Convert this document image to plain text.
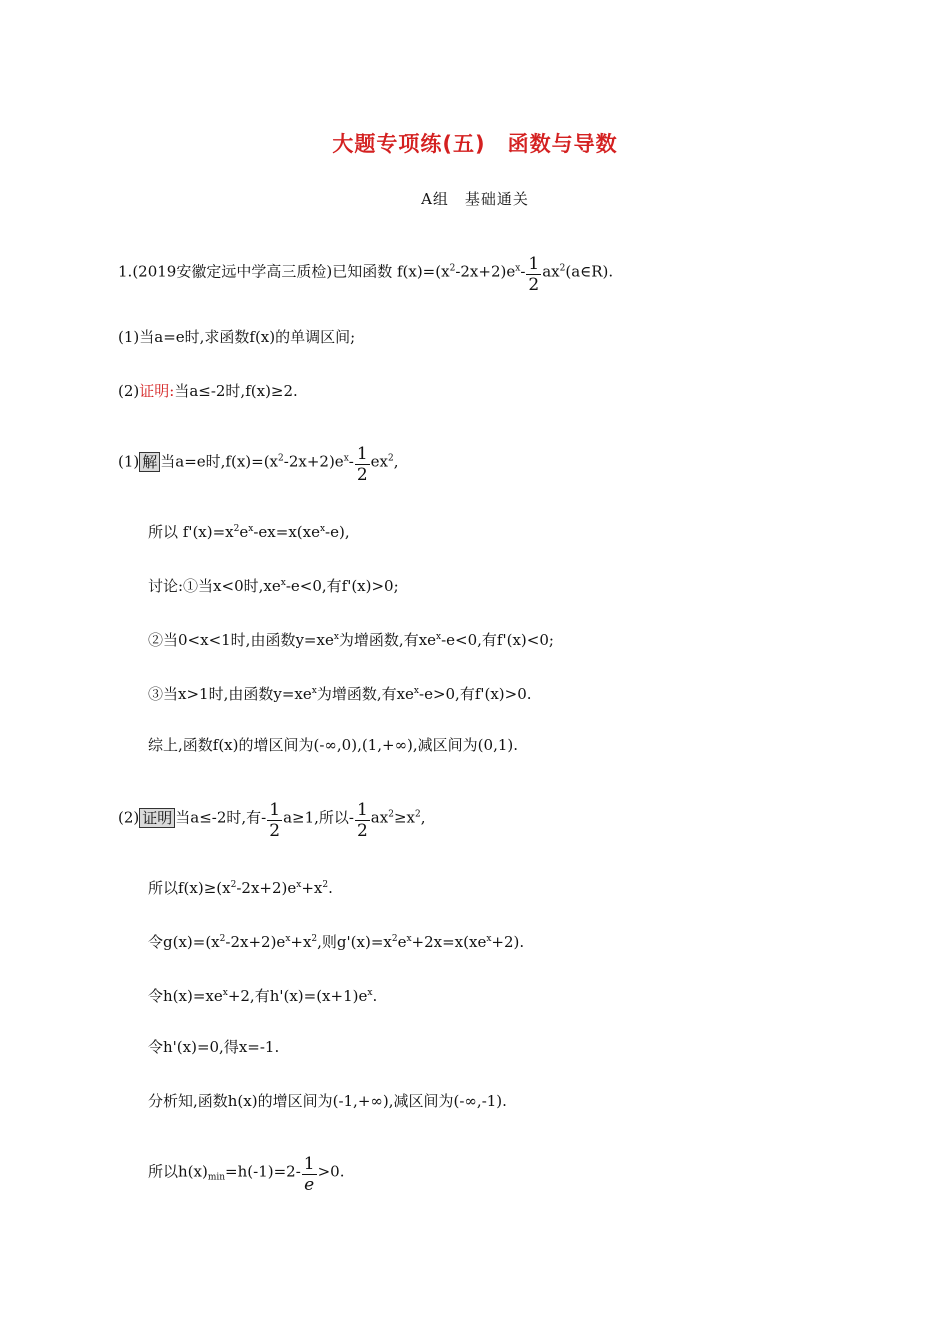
大题专项练(五) 函数与导数
A组 基础通关
1.(2019安徽定远中学高三质检)已知函数 $f(x)=(x^2-2x+2)e^x- \frac{1}{2}$ $ax^2(a\in R)$.
(1)当a=e时,求函数f(x)的单调区间;
(2)证明:当a≤-2时,f(x)≥2.
(1) 解 当a=e时$,f(x)=(x^2-2x+2)e^x- \frac{1}{2} ex^2$,
所以 $f'(x)=x^2e^x-ex=x(xe^x-e)$,
讨论:①当x<0时$,xe^x-e<0$,有f'(x)>0;
②当0<x<1时,由函数$y=xe^x$为增函数,有$xe^x-e<0$,有f'(x)<0;
③当x>1时,由函数$y=xe^x$为增函数,有$xe^x-e>0$,有f'(x)>0.
综上,函数f(x)的增区间为(-∞,0),(1,+∞),减区间为(0,1).
(2) 证明 当a≤-2时,有- $\frac{1}{2} a\ge 1$,所以- $\frac{1}{2} ax^2\ge x^2$,
所以$f(x)\ge(x^2-2x+2)e^x+x^2$.
令$g(x)=(x^2-2x+2)e^x+x^2$,则$g'(x)=x^2e^x+2x=x(xe^x+2)$.
令$h(x)=xe^x+2$,有$h'(x)=(x+1)e^x$.
令h'(x)=0,得x=-1.
分析知,函数h(x)的增区间为(-1,+∞),减区间为(-∞,-1).
所以$h(x)_{min}=h(-1)=2- \frac{1}{e} >0$.
